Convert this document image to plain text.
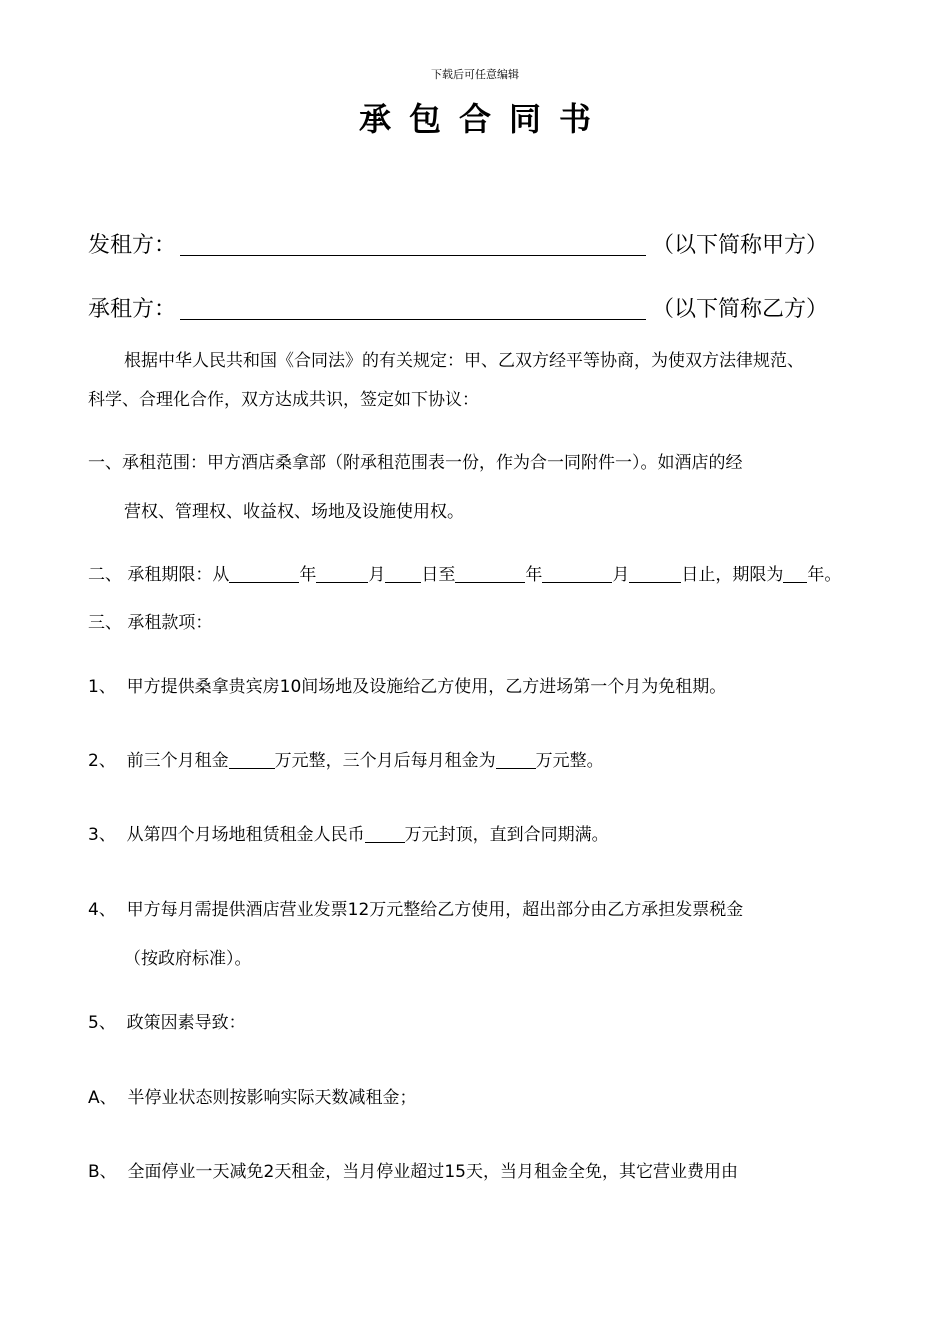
下载后可任意编辑
承包合同书
发租方：	（以下简称甲方）
承租方：	（以下简称乙方）
根据中华人民共和国《合同法》的有关规定：甲、乙双方经平等协商，为使双方法律规范、
科学、合理化合作，双方达成共识，签定如下协议：
一、承租范围：甲方酒店桑拿部（附承租范围表一份，作为合一同附件一）。如酒店的经
营权、管理权、收益权、场地及设施使用权。
二、 承租期限：从	年	月 日至	年	月	日止，期限为 年。
三、 承租款项：
1、 甲方提供桑拿贵宾房10间场地及设施给乙方使用，乙方进场第一个月为免租期。
2、 前三个月租金	万元整，三个月后每月租金为 万元整。
3、 从第四个月场地租赁租金人民币 万元封顶，直到合同期满。
4、 甲方每月需提供酒店营业发票12万元整给乙方使用，超出部分由乙方承担发票税金
（按政府标准）。
5、 政策因素导致：
A、 半停业状态则按影响实际天数减租金；
B、 全面停业一天减免2天租金，当月停业超过15天，当月租金全免，其它营业费用由
